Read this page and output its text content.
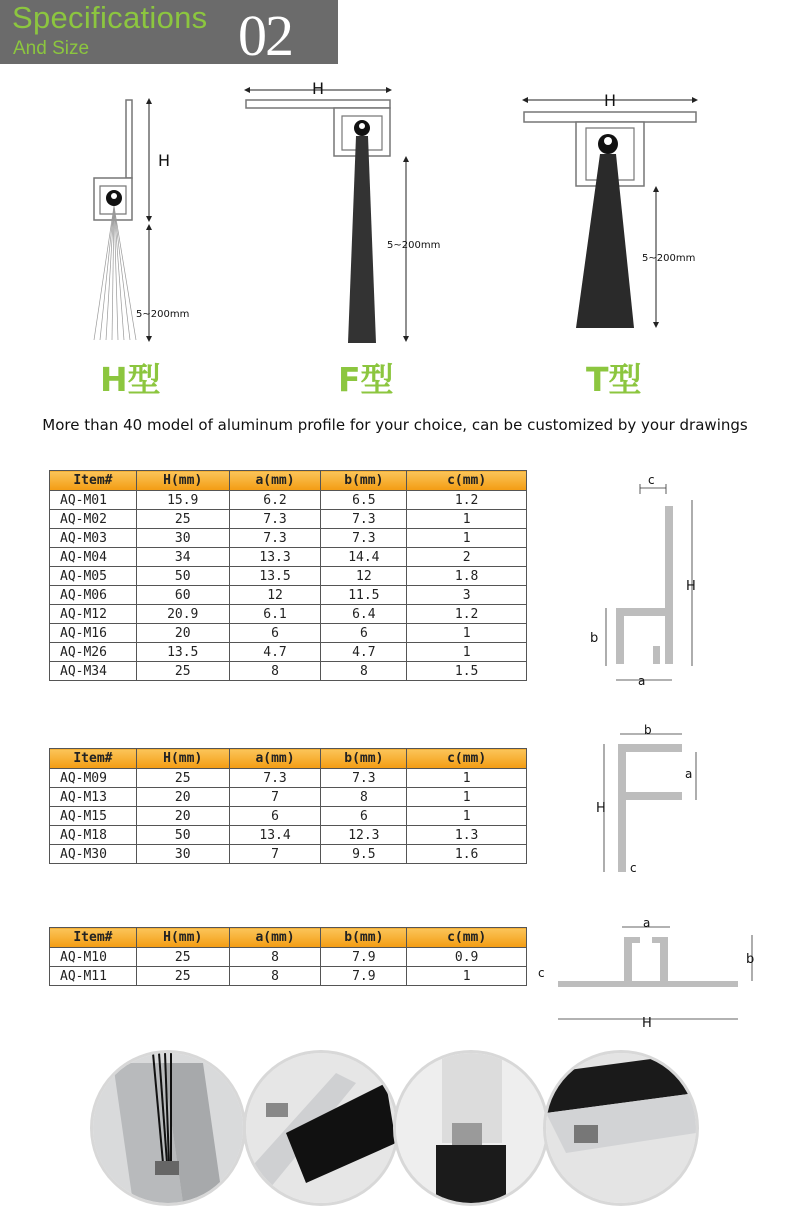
Specifications
And Size	02
H
5~200mm
H
5~200mm
H
5~200mm
H型	F型	T型
More than 40 model of aluminum profile for your choice, can be customized by your drawings
Item#	H(mm)	a(mm)	b(mm)	c(mm)
AQ-M01	15.9	6.2	6.5	1.2
AQ-M02	25	7.3	7.3	1
AQ-M03	30	7.3	7.3	1
AQ-M04	34	13.3	14.4	2
AQ-M05	50	13.5	12	1.8
AQ-M06	60	12	11.5	3
AQ-M12	20.9	6.1	6.4	1.2
AQ-M16	20	6	6	1
AQ-M26	13.5	4.7	4.7	1
AQ-M34	25	8	8	1.5
Item#	H(mm)	a(mm)	b(mm)	c(mm)
AQ-M09	25	7.3	7.3	1
AQ-M13	20	7	8	1
AQ-M15	20	6	6	1
AQ-M18	50	13.4	12.3	1.3
AQ-M30	30	7	9.5	1.6
Item#	H(mm)	a(mm)	b(mm)	c(mm)
AQ-M10	25	8	7.9	0.9
AQ-M11	25	8	7.9	1
c
H
b
a
b
a
H
c
a
b
c
H
